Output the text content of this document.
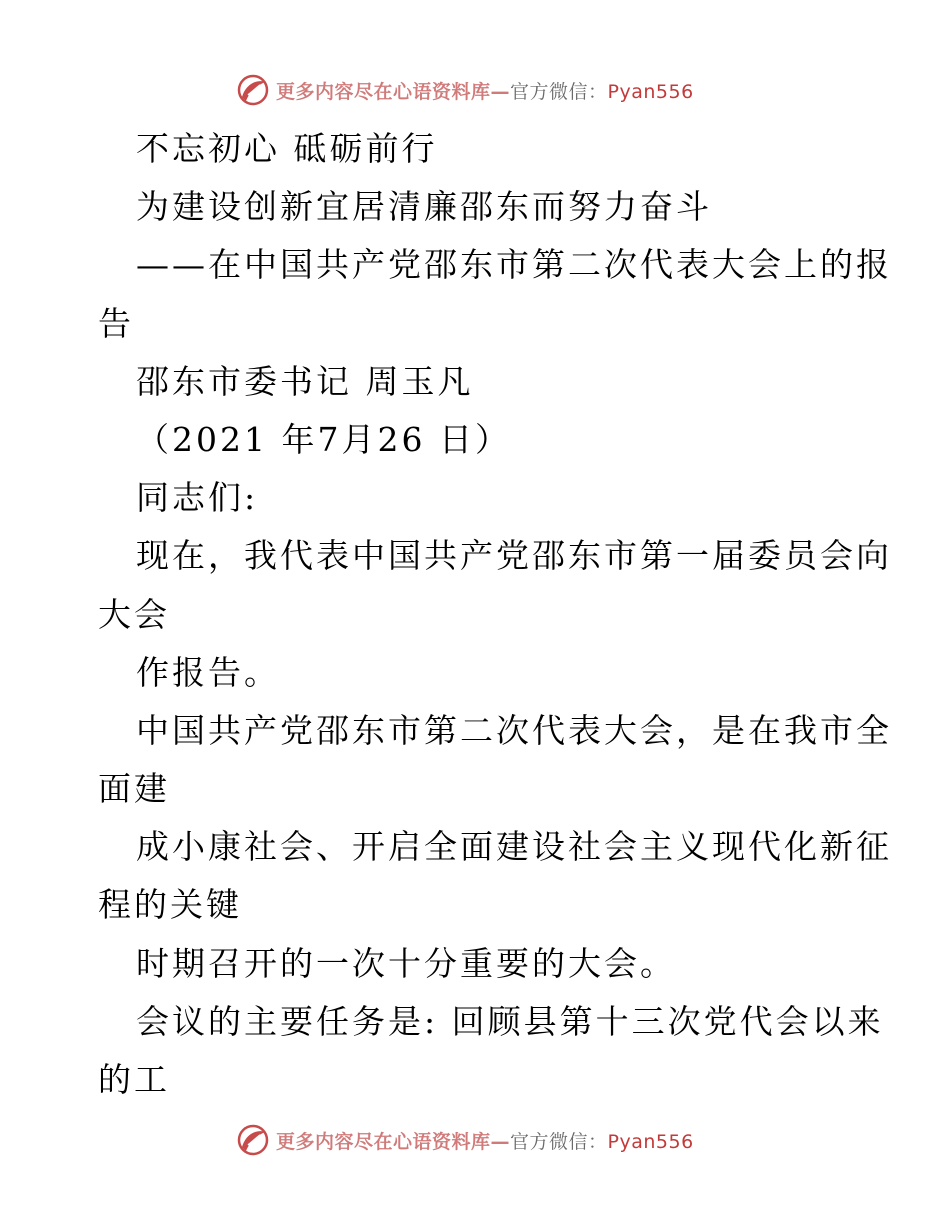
更多内容尽在心语资料库—官方微信：Pyan556
不忘初心 砥砺前行
为建设创新宜居清廉邵东而努力奋斗
——在中国共产党邵东市第二次代表大会上的报
告
邵东市委书记 周玉凡
（2021 年7月26 日）
同志们:
现在，我代表中国共产党邵东市第一届委员会向
大会
作报告。
中国共产党邵东市第二次代表大会，是在我市全
面建
成小康社会、开启全面建设社会主义现代化新征
程的关键
时期召开的一次十分重要的大会。
会议的主要任务是: 回顾县第十三次党代会以来
的工
更多内容尽在心语资料库—官方微信：Pyan556
